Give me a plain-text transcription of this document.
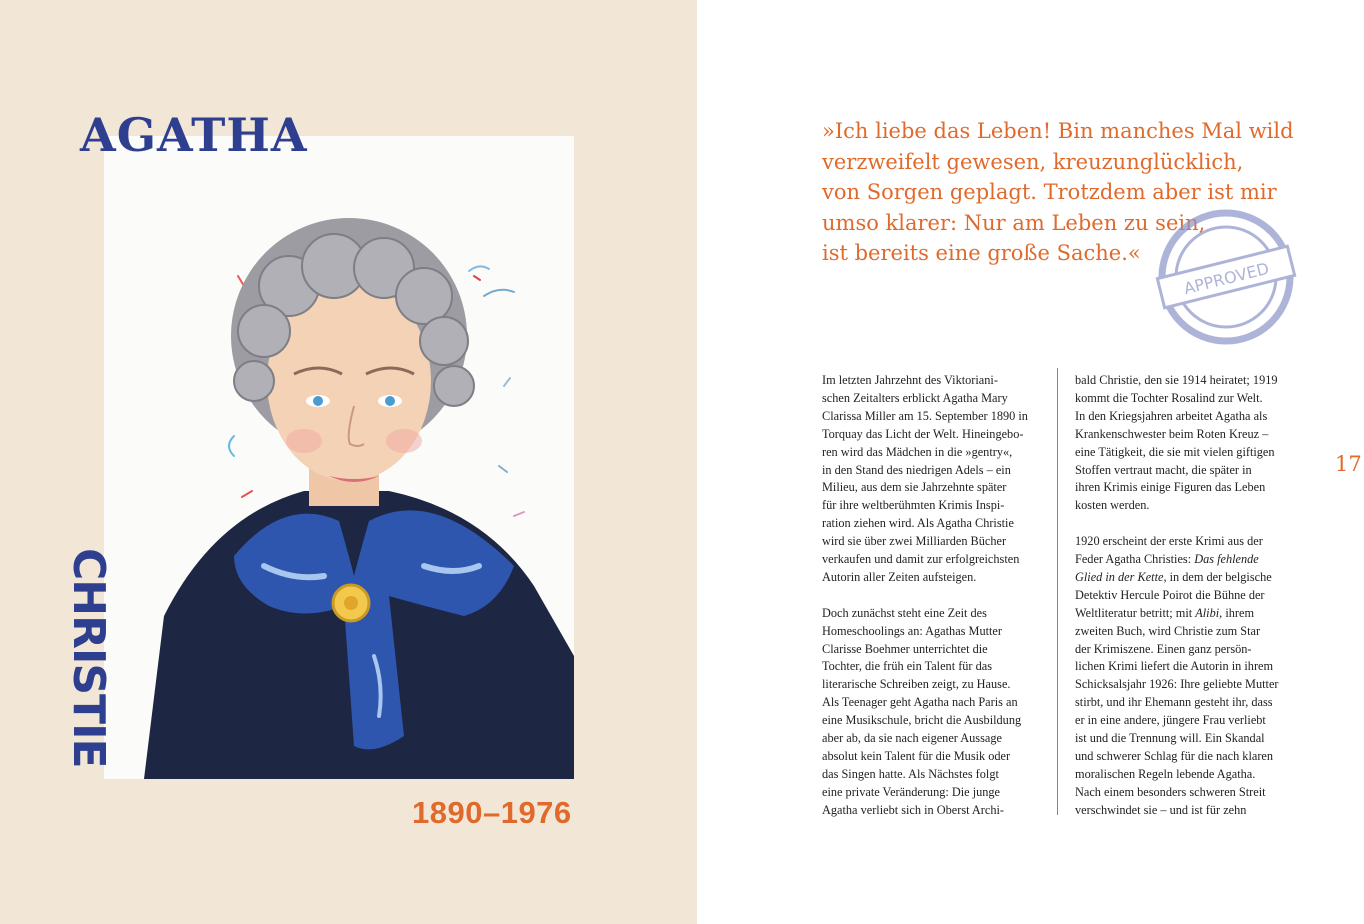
AGATHA
CHRISTIE
1890–1976
»Ich liebe das Leben! Bin manches Mal wild
verzweifelt gewesen, kreuzunglücklich,
von Sorgen geplagt. Trotzdem aber ist mir
umso klarer: Nur am Leben zu sein,
ist bereits eine große Sache.«
APPROVED
Im letzten Jahrzehnt des Viktoriani-
schen Zeitalters erblickt Agatha Mary
Clarissa Miller am 15. September 1890 in
Torquay das Licht der Welt. Hineingebo-
ren wird das Mädchen in die »gentry«,
in den Stand des niedrigen Adels – ein
Milieu, aus dem sie Jahrzehnte später
für ihre weltberühmten Krimis Inspi-
ration ziehen wird. Als Agatha Christie
wird sie über zwei Milliarden Bücher
verkaufen und damit zur erfolgreichsten
Autorin aller Zeiten aufsteigen.
Doch zunächst steht eine Zeit des
Homeschoolings an: Agathas Mutter
Clarisse Boehmer unterrichtet die
Tochter, die früh ein Talent für das
literarische Schreiben zeigt, zu Hause.
Als Teenager geht Agatha nach Paris an
eine Musikschule, bricht die Ausbildung
aber ab, da sie nach eigener Aussage
absolut kein Talent für die Musik oder
das Singen hatte. Als Nächstes folgt
eine private Veränderung: Die junge
Agatha verliebt sich in Oberst Archi-
bald Christie, den sie 1914 heiratet; 1919
kommt die Tochter Rosalind zur Welt.
In den Kriegsjahren arbeitet Agatha als
Krankenschwester beim Roten Kreuz –
eine Tätigkeit, die sie mit vielen giftigen
Stoffen vertraut macht, die später in
ihren Krimis einige Figuren das Leben
kosten werden.
1920 erscheint der erste Krimi aus der
Feder Agatha Christies: Das fehlende
Glied in der Kette, in dem der belgische
Detektiv Hercule Poirot die Bühne der
Weltliteratur betritt; mit Alibi, ihrem
zweiten Buch, wird Christie zum Star
der Krimiszene. Einen ganz persön-
lichen Krimi liefert die Autorin in ihrem
Schicksalsjahr 1926: Ihre geliebte Mutter
stirbt, und ihr Ehemann gesteht ihr, dass
er in eine andere, jüngere Frau verliebt
ist und die Trennung will. Ein Skandal
und schwerer Schlag für die nach klaren
moralischen Regeln lebende Agatha.
Nach einem besonders schweren Streit
verschwindet sie – und ist für zehn
17
